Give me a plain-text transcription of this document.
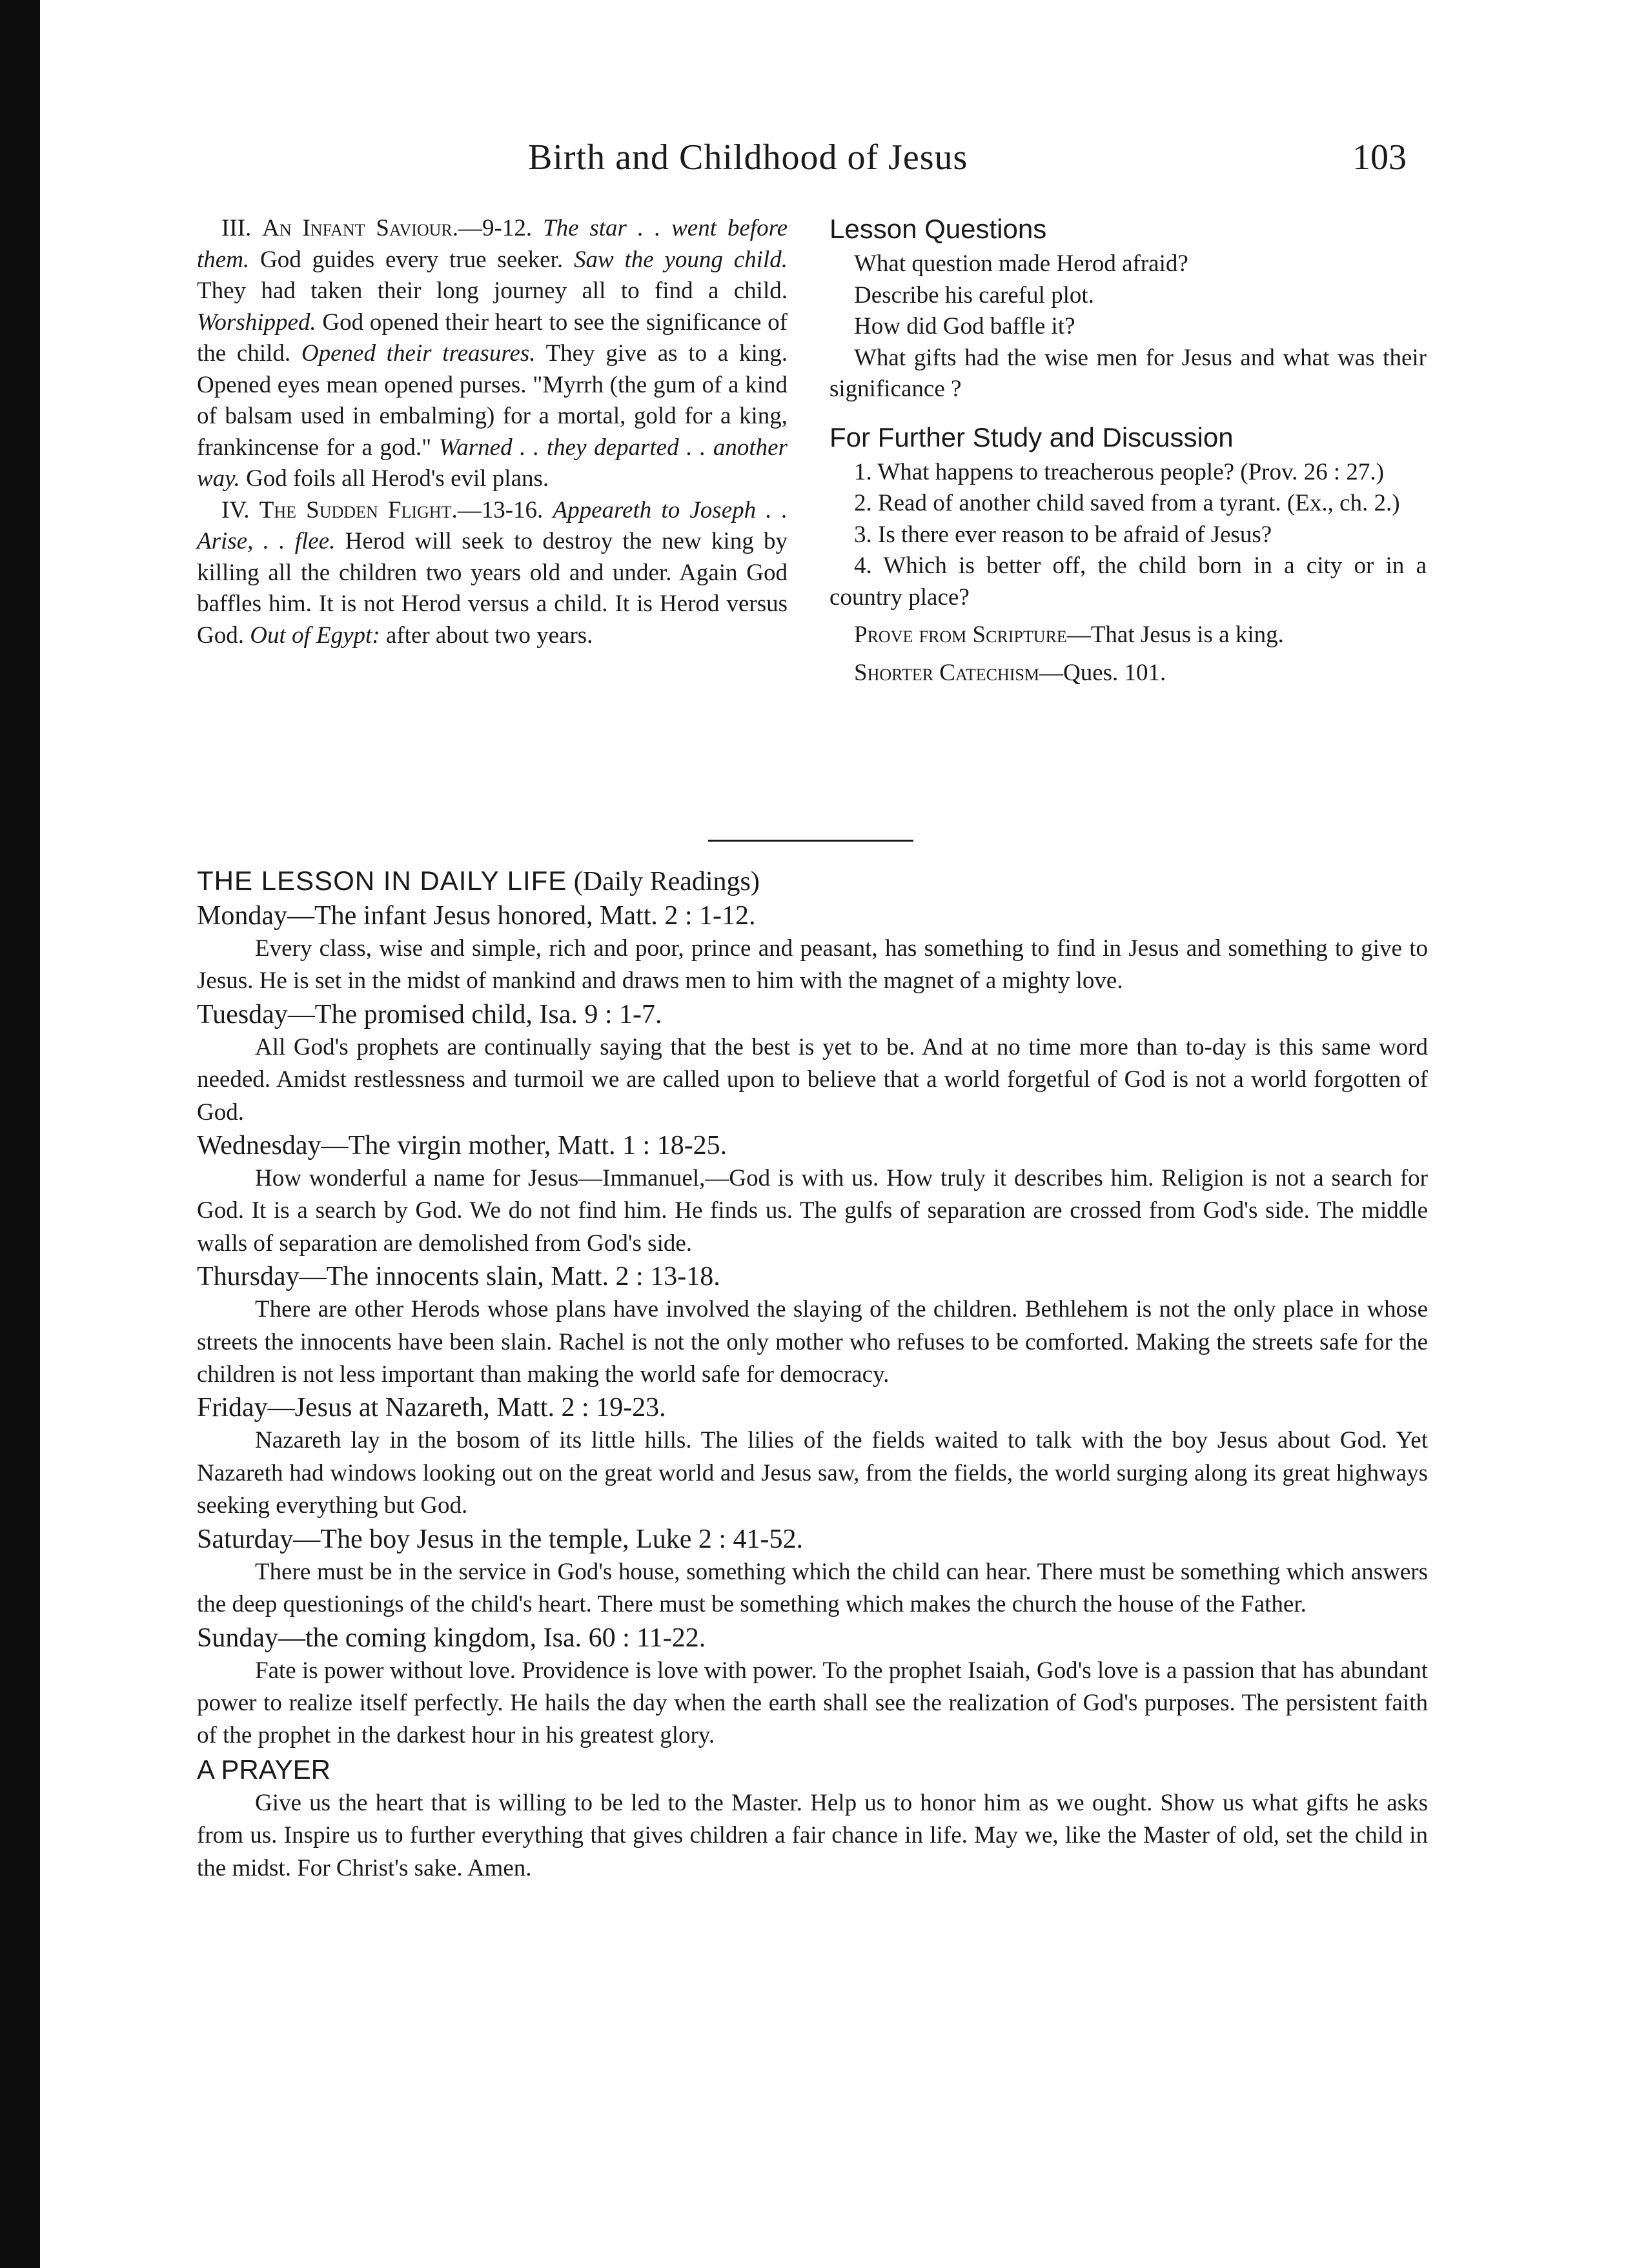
Birth and Childhood of Jesus	103

III. An Infant Saviour.—9-12. The star . . went before them. God guides every true seeker. Saw the young child. They had taken their long journey all to find a child. Worshipped. God opened their heart to see the significance of the child. Opened their treasures. They give as to a king. Opened eyes mean opened purses. "Myrrh (the gum of a kind of balsam used in embalming) for a mortal, gold for a king, frankincense for a god." Warned . . they departed . . another way. God foils all Herod's evil plans.

IV. The Sudden Flight.—13-16. Appeareth to Joseph . . Arise, . . flee. Herod will seek to destroy the new king by killing all the children two years old and under. Again God baffles him. It is not Herod versus a child. It is Herod versus God. Out of Egypt: after about two years.

Lesson Questions

What question made Herod afraid?

Describe his careful plot.

How did God baffle it?

What gifts had the wise men for Jesus and what was their significance ?

For Further Study and Discussion

1. What happens to treacherous people? (Prov. 26 : 27.)

2. Read of another child saved from a tyrant. (Ex., ch. 2.)

3. Is there ever reason to be afraid of Jesus?

4. Which is better off, the child born in a city or in a country place?

Prove from Scripture—That Jesus is a king.

Shorter Catechism—Ques. 101.

THE LESSON IN DAILY LIFE (Daily Readings)

Monday—The infant Jesus honored, Matt. 2 : 1-12.

Every class, wise and simple, rich and poor, prince and peasant, has something to find in Jesus and something to give to Jesus. He is set in the midst of mankind and draws men to him with the magnet of a mighty love.

Tuesday—The promised child, Isa. 9 : 1-7.

All God's prophets are continually saying that the best is yet to be. And at no time more than to-day is this same word needed. Amidst restlessness and turmoil we are called upon to believe that a world forgetful of God is not a world forgotten of God.

Wednesday—The virgin mother, Matt. 1 : 18-25.

How wonderful a name for Jesus—Immanuel,—God is with us. How truly it describes him. Religion is not a search for God. It is a search by God. We do not find him. He finds us. The gulfs of separation are crossed from God's side. The middle walls of separation are demolished from God's side.

Thursday—The innocents slain, Matt. 2 : 13-18.

There are other Herods whose plans have involved the slaying of the children. Bethlehem is not the only place in whose streets the innocents have been slain. Rachel is not the only mother who refuses to be comforted. Making the streets safe for the children is not less important than making the world safe for democracy.

Friday—Jesus at Nazareth, Matt. 2 : 19-23.

Nazareth lay in the bosom of its little hills. The lilies of the fields waited to talk with the boy Jesus about God. Yet Nazareth had windows looking out on the great world and Jesus saw, from the fields, the world surging along its great highways seeking everything but God.

Saturday—The boy Jesus in the temple, Luke 2 : 41-52.

There must be in the service in God's house, something which the child can hear. There must be something which answers the deep questionings of the child's heart. There must be something which makes the church the house of the Father.

Sunday—the coming kingdom, Isa. 60 : 11-22.

Fate is power without love. Providence is love with power. To the prophet Isaiah, God's love is a passion that has abundant power to realize itself perfectly. He hails the day when the earth shall see the realization of God's purposes. The persistent faith of the prophet in the darkest hour in his greatest glory.

A PRAYER

Give us the heart that is willing to be led to the Master. Help us to honor him as we ought. Show us what gifts he asks from us. Inspire us to further everything that gives children a fair chance in life. May we, like the Master of old, set the child in the midst. For Christ's sake. Amen.
